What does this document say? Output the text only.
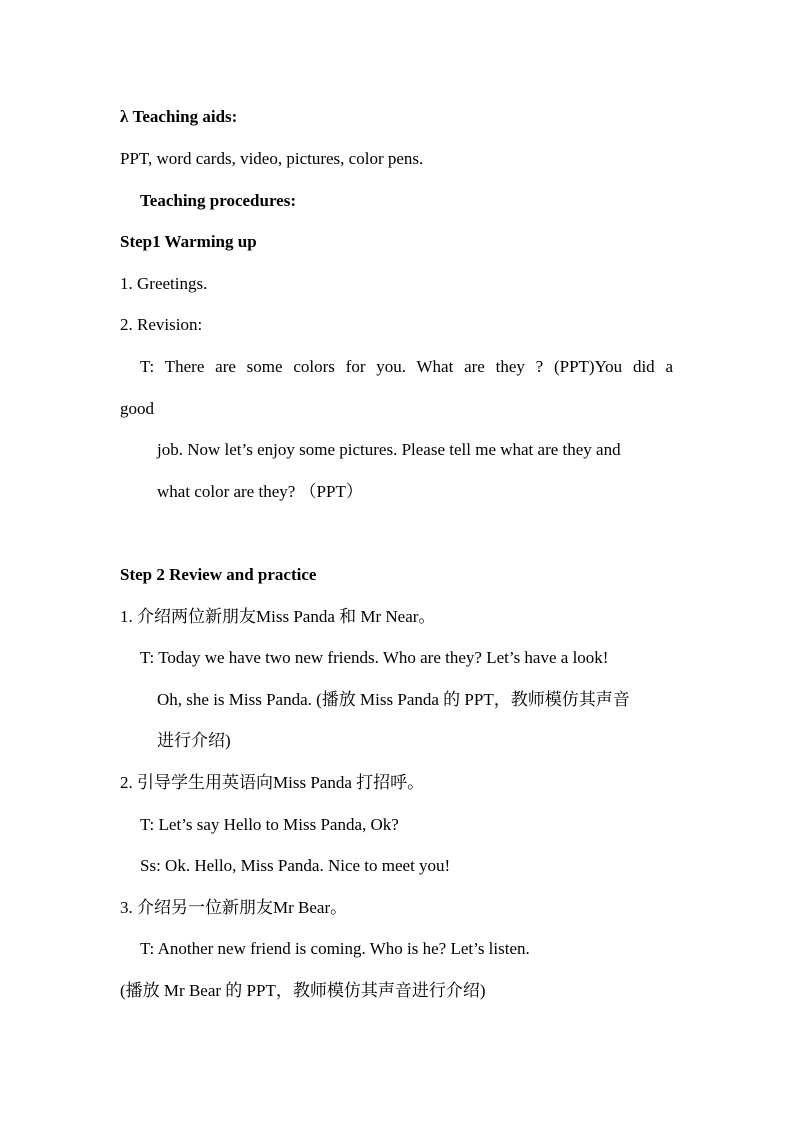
λ Teaching aids:
PPT, word cards, video, pictures, color pens.
Teaching procedures:
Step1 Warming up
1. Greetings.
2. Revision:
T: There are some colors for you. What are they ? (PPT)You did a
good
job. Now let’s enjoy some pictures. Please tell me what are they and
what color are they? （PPT）
Step 2 Review and practice
1. 介绍两位新朋友Miss Panda 和 Mr Near。
T: Today we have two new friends. Who are they? Let’s have a look!
Oh, she is Miss Panda. (播放 Miss Panda 的 PPT，教师模仿其声音
进行介绍)
2. 引导学生用英语向Miss Panda 打招呼。
T: Let’s say Hello to Miss Panda, Ok?
Ss: Ok. Hello, Miss Panda. Nice to meet you!
3. 介绍另一位新朋友Mr Bear。
T: Another new friend is coming. Who is he? Let’s listen.
(播放 Mr Bear 的 PPT，教师模仿其声音进行介绍)
